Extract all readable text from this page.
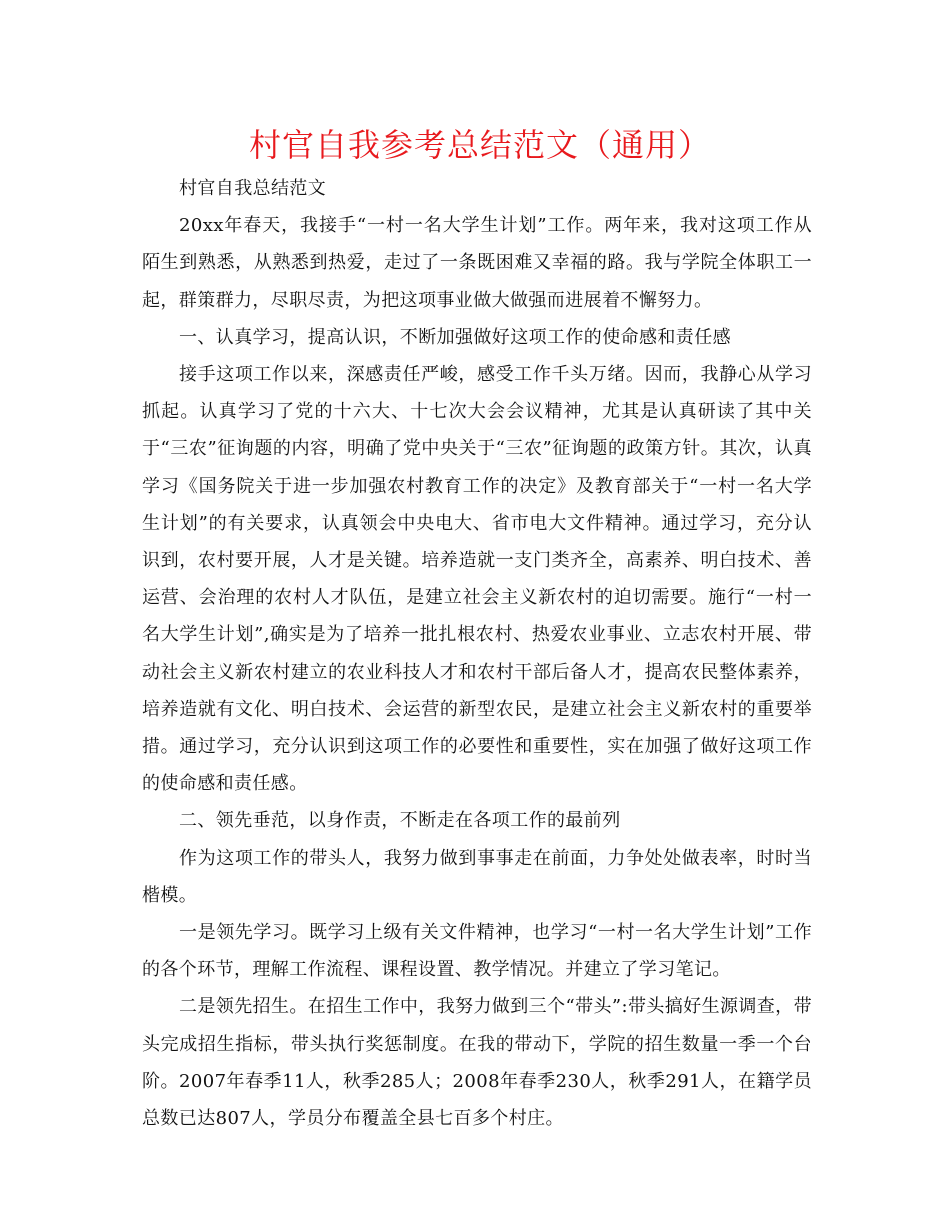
村官自我参考总结范文（通用）

村官自我总结范文

20xx年春天，我接手“一村一名大学生计划”工作。两年来，我对这项工作从陌生到熟悉，从熟悉到热爱，走过了一条既困难又幸福的路。我与学院全体职工一起，群策群力，尽职尽责，为把这项事业做大做强而进展着不懈努力。

一、认真学习，提高认识，不断加强做好这项工作的使命感和责任感

接手这项工作以来，深感责任严峻，感受工作千头万绪。因而，我静心从学习抓起。认真学习了党的十六大、十七次大会会议精神，尤其是认真研读了其中关于“三农”征询题的内容，明确了党中央关于“三农”征询题的政策方针。其次，认真学习《国务院关于进一步加强农村教育工作的决定》及教育部关于“一村一名大学生计划”的有关要求，认真领会中央电大、省市电大文件精神。通过学习，充分认识到，农村要开展，人才是关键。培养造就一支门类齐全，高素养、明白技术、善运营、会治理的农村人才队伍，是建立社会主义新农村的迫切需要。施行“一村一名大学生计划”,确实是为了培养一批扎根农村、热爱农业事业、立志农村开展、带动社会主义新农村建立的农业科技人才和农村干部后备人才，提高农民整体素养，培养造就有文化、明白技术、会运营的新型农民，是建立社会主义新农村的重要举措。通过学习，充分认识到这项工作的必要性和重要性，实在加强了做好这项工作的使命感和责任感。

二、领先垂范，以身作责，不断走在各项工作的最前列

作为这项工作的带头人，我努力做到事事走在前面，力争处处做表率，时时当楷模。

一是领先学习。既学习上级有关文件精神，也学习“一村一名大学生计划”工作的各个环节，理解工作流程、课程设置、教学情况。并建立了学习笔记。

二是领先招生。在招生工作中，我努力做到三个“带头”:带头搞好生源调查，带头完成招生指标，带头执行奖惩制度。在我的带动下，学院的招生数量一季一个台阶。2007年春季11人，秋季285人；2008年春季230人，秋季291人，在籍学员总数已达807人，学员分布覆盖全县七百多个村庄。
